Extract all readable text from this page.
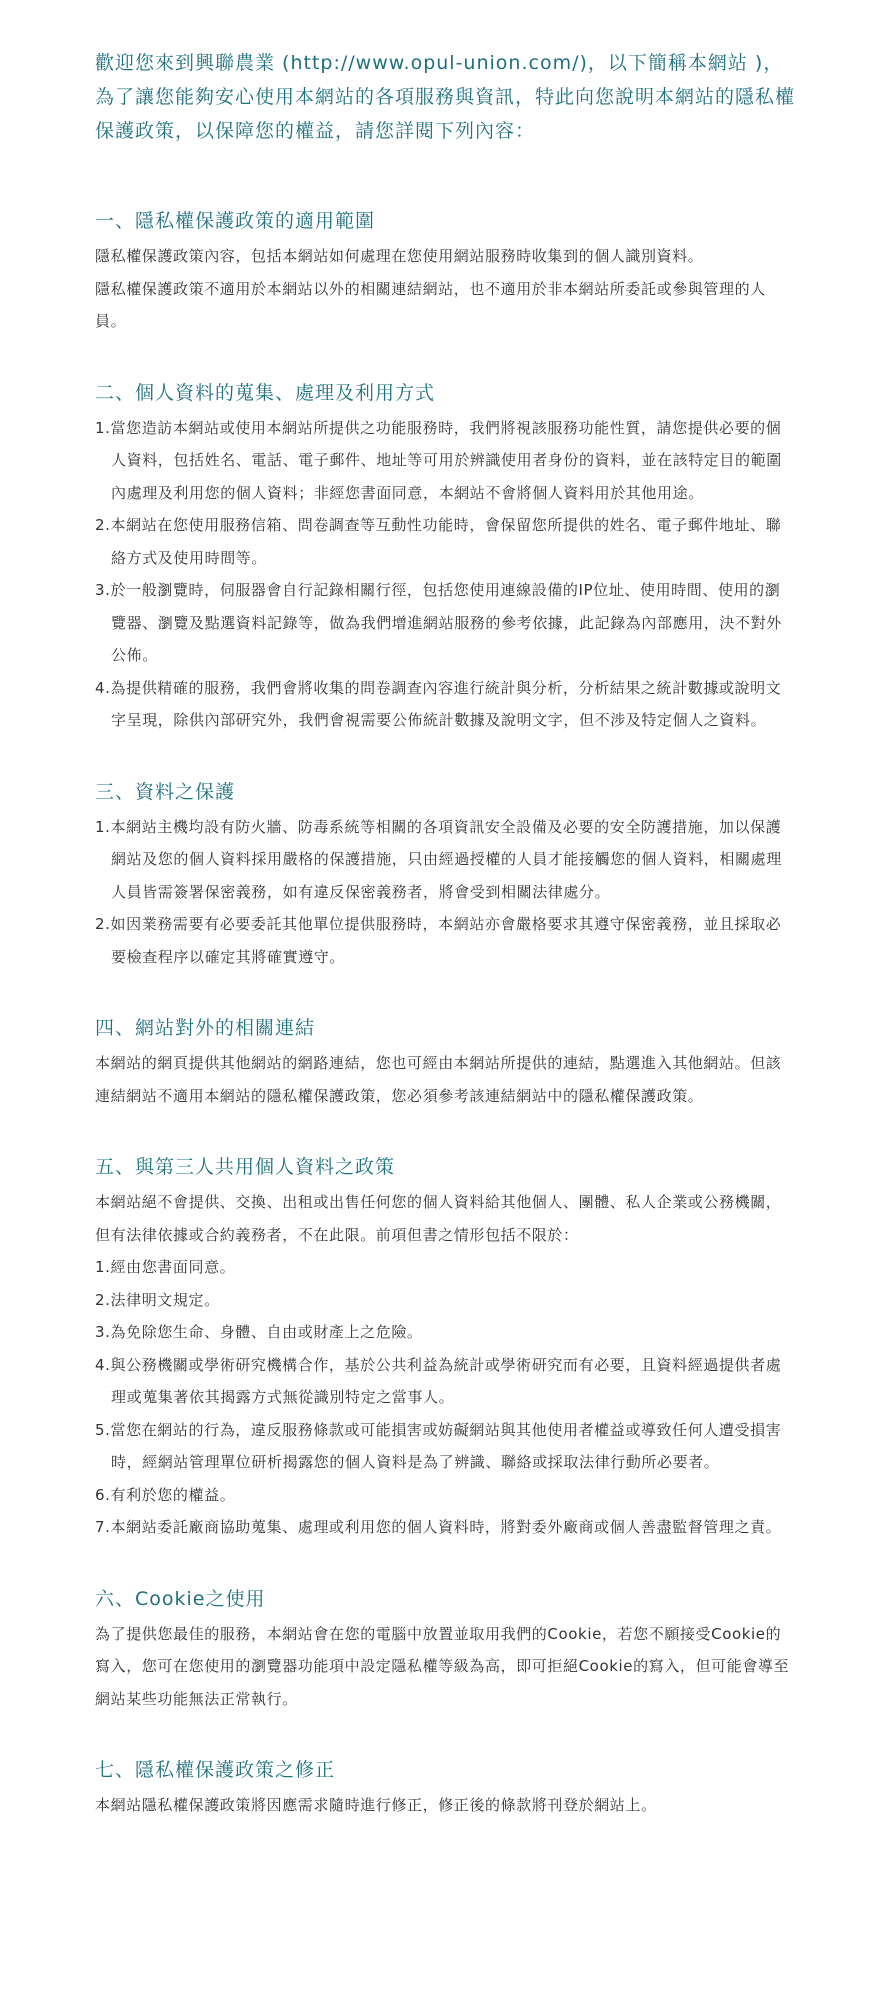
歡迎您來到興聯農業 (http://www.opul-union.com/)，以下簡稱本網站 )，為了讓您能夠安心使用本網站的各項服務與資訊，特此向您說明本網站的隱私權保護政策，以保障您的權益，請您詳閱下列內容：

一、隱私權保護政策的適用範圍

隱私權保護政策內容，包括本網站如何處理在您使用網站服務時收集到的個人識別資料。

隱私權保護政策不適用於本網站以外的相關連結網站，也不適用於非本網站所委託或參與管理的人員。

二、個人資料的蒐集、處理及利用方式

1.當您造訪本網站或使用本網站所提供之功能服務時，我們將視該服務功能性質，請您提供必要的個人資料，包括姓名、電話、電子郵件、地址等可用於辨識使用者身份的資料，並在該特定目的範圍內處理及利用您的個人資料；非經您書面同意，本網站不會將個人資料用於其他用途。

2.本網站在您使用服務信箱、問卷調查等互動性功能時，會保留您所提供的姓名、電子郵件地址、聯絡方式及使用時間等。

3.於一般瀏覽時，伺服器會自行記錄相關行徑，包括您使用連線設備的IP位址、使用時間、使用的瀏覽器、瀏覽及點選資料記錄等，做為我們增進網站服務的參考依據，此記錄為內部應用，決不對外公佈。

4.為提供精確的服務，我們會將收集的問卷調查內容進行統計與分析，分析結果之統計數據或說明文字呈現，除供內部研究外，我們會視需要公佈統計數據及說明文字，但不涉及特定個人之資料。

三、資料之保護

1.本網站主機均設有防火牆、防毒系統等相關的各項資訊安全設備及必要的安全防護措施，加以保護網站及您的個人資料採用嚴格的保護措施，只由經過授權的人員才能接觸您的個人資料，相關處理人員皆需簽署保密義務，如有違反保密義務者，將會受到相關法律處分。

2.如因業務需要有必要委託其他單位提供服務時，本網站亦會嚴格要求其遵守保密義務，並且採取必要檢查程序以確定其將確實遵守。

四、網站對外的相關連結

本網站的網頁提供其他網站的網路連結，您也可經由本網站所提供的連結，點選進入其他網站。但該連結網站不適用本網站的隱私權保護政策，您必須參考該連結網站中的隱私權保護政策。

五、與第三人共用個人資料之政策

本網站絕不會提供、交換、出租或出售任何您的個人資料給其他個人、團體、私人企業或公務機關，但有法律依據或合約義務者，不在此限。前項但書之情形包括不限於：

1.經由您書面同意。

2.法律明文規定。

3.為免除您生命、身體、自由或財產上之危險。

4.與公務機關或學術研究機構合作，基於公共利益為統計或學術研究而有必要，且資料經過提供者處理或蒐集著依其揭露方式無從識別特定之當事人。

5.當您在網站的行為，違反服務條款或可能損害或妨礙網站與其他使用者權益或導致任何人遭受損害時，經網站管理單位研析揭露您的個人資料是為了辨識、聯絡或採取法律行動所必要者。

6.有利於您的權益。

7.本網站委託廠商協助蒐集、處理或利用您的個人資料時，將對委外廠商或個人善盡監督管理之責。

六、Cookie之使用

為了提供您最佳的服務，本網站會在您的電腦中放置並取用我們的Cookie，若您不願接受Cookie的寫入，您可在您使用的瀏覽器功能項中設定隱私權等級為高，即可拒絕Cookie的寫入，但可能會導至網站某些功能無法正常執行。

七、隱私權保護政策之修正

本網站隱私權保護政策將因應需求隨時進行修正，修正後的條款將刊登於網站上。
